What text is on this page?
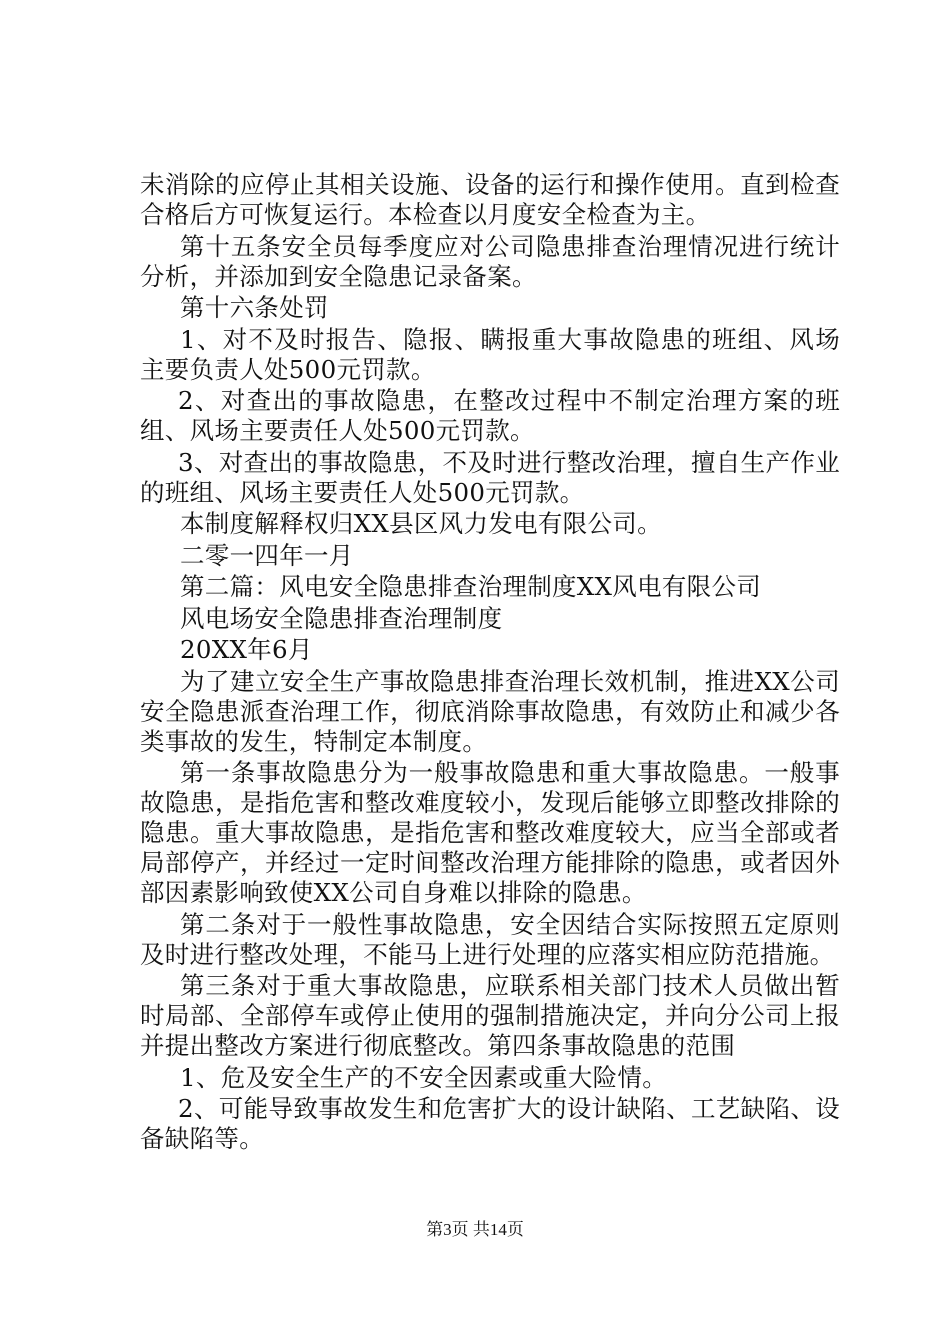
未消除的应停止其相关设施、设备的运行和操作使用。直到检查合格后方可恢复运行。本检查以月度安全检查为主。

第十五条安全员每季度应对公司隐患排查治理情况进行统计分析，并添加到安全隐患记录备案。

第十六条处罚

1、对不及时报告、隐报、瞒报重大事故隐患的班组、风场主要负责人处500元罚款。

2、对查出的事故隐患，在整改过程中不制定治理方案的班组、风场主要责任人处500元罚款。

3、对查出的事故隐患，不及时进行整改治理，擅自生产作业的班组、风场主要责任人处500元罚款。

本制度解释权归XX县区风力发电有限公司。

二零一四年一月

第二篇：风电安全隐患排查治理制度XX风电有限公司

风电场安全隐患排查治理制度

20XX年6月

为了建立安全生产事故隐患排查治理长效机制，推进XX公司安全隐患派查治理工作，彻底消除事故隐患，有效防止和减少各类事故的发生，特制定本制度。

第一条事故隐患分为一般事故隐患和重大事故隐患。一般事故隐患，是指危害和整改难度较小，发现后能够立即整改排除的隐患。重大事故隐患，是指危害和整改难度较大，应当全部或者局部停产，并经过一定时间整改治理方能排除的隐患，或者因外部因素影响致使XX公司自身难以排除的隐患。

第二条对于一般性事故隐患，安全因结合实际按照五定原则及时进行整改处理，不能马上进行处理的应落实相应防范措施。

第三条对于重大事故隐患，应联系相关部门技术人员做出暂时局部、全部停车或停止使用的强制措施决定，并向分公司上报并提出整改方案进行彻底整改。第四条事故隐患的范围

1、危及安全生产的不安全因素或重大险情。

2、可能导致事故发生和危害扩大的设计缺陷、工艺缺陷、设备缺陷等。

第3页 共14页
